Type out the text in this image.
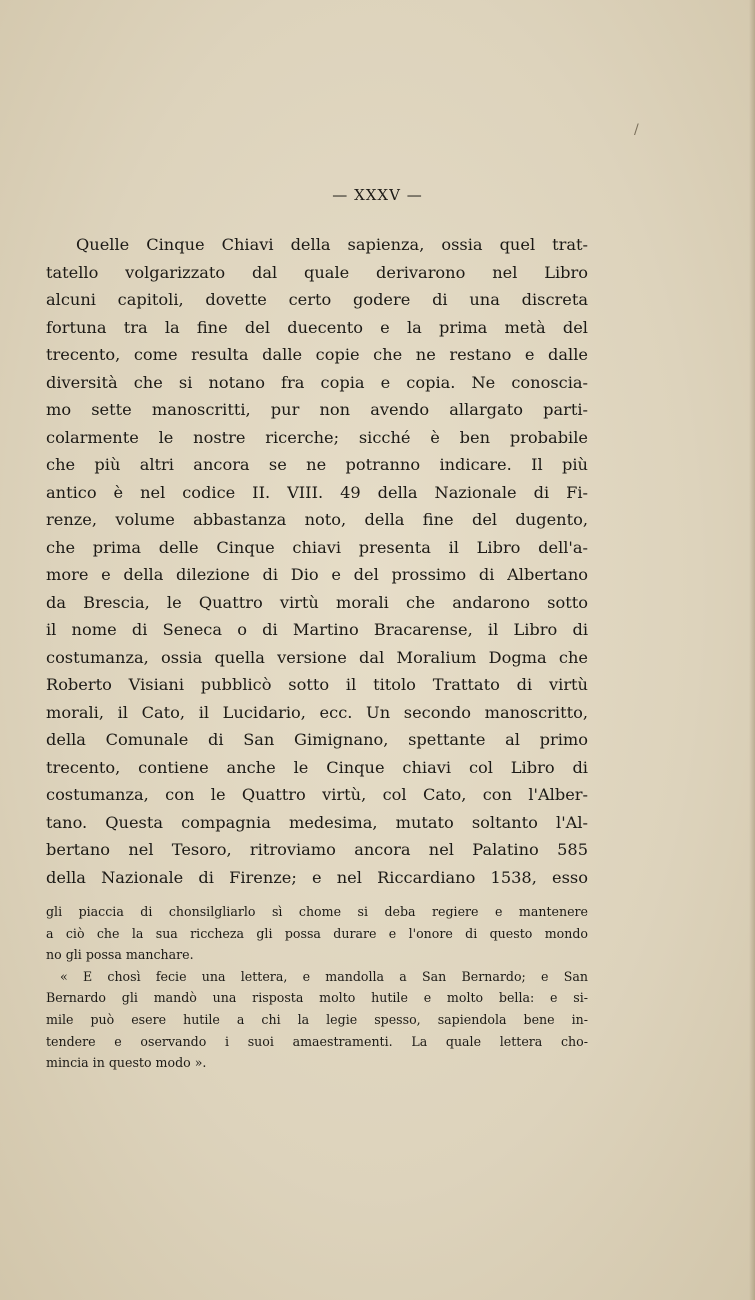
/
— XXXV —
Quelle Cinque Chiavi della sapienza, ossia quel trat-
tatello volgarizzato dal quale derivarono nel Libro
alcuni capitoli, dovette certo godere di una discreta
fortuna tra la fine del duecento e la prima metà del
trecento, come resulta dalle copie che ne restano e dalle
diversità che si notano fra copia e copia. Ne conoscia-
mo sette manoscritti, pur non avendo allargato parti-
colarmente le nostre ricerche; sicché è ben probabile
che più altri ancora se ne potranno indicare. Il più
antico è nel codice II. VIII. 49 della Nazionale di Fi-
renze, volume abbastanza noto, della fine del dugento,
che prima delle Cinque chiavi presenta il Libro dell'a-
more e della dilezione di Dio e del prossimo di Albertano
da Brescia, le Quattro virtù morali che andarono sotto
il nome di Seneca o di Martino Bracarense, il Libro di
costumanza, ossia quella versione dal Moralium Dogma che
Roberto Visiani pubblicò sotto il titolo Trattato di virtù
morali, il Cato, il Lucidario, ecc. Un secondo manoscritto,
della Comunale di San Gimignano, spettante al primo
trecento, contiene anche le Cinque chiavi col Libro di
costumanza, con le Quattro virtù, col Cato, con l'Alber-
tano. Questa compagnia medesima, mutato soltanto l'Al-
bertano nel Tesoro, ritroviamo ancora nel Palatino 585
della Nazionale di Firenze; e nel Riccardiano 1538, esso
gli piaccia di chonsilgliarlo sì chome si deba regiere e mantenere
a ciò che la sua riccheza gli possa durare e l'onore di questo mondo
no gli possa manchare.
« E chosì fecie una lettera, e mandolla a San Bernardo; e San
Bernardo gli mandò una risposta molto hutile e molto bella: e si-
mile può esere hutile a chi la legie spesso, sapiendola bene in-
tendere e oservando i suoi amaestramenti. La quale lettera cho-
mincia in questo modo ».
